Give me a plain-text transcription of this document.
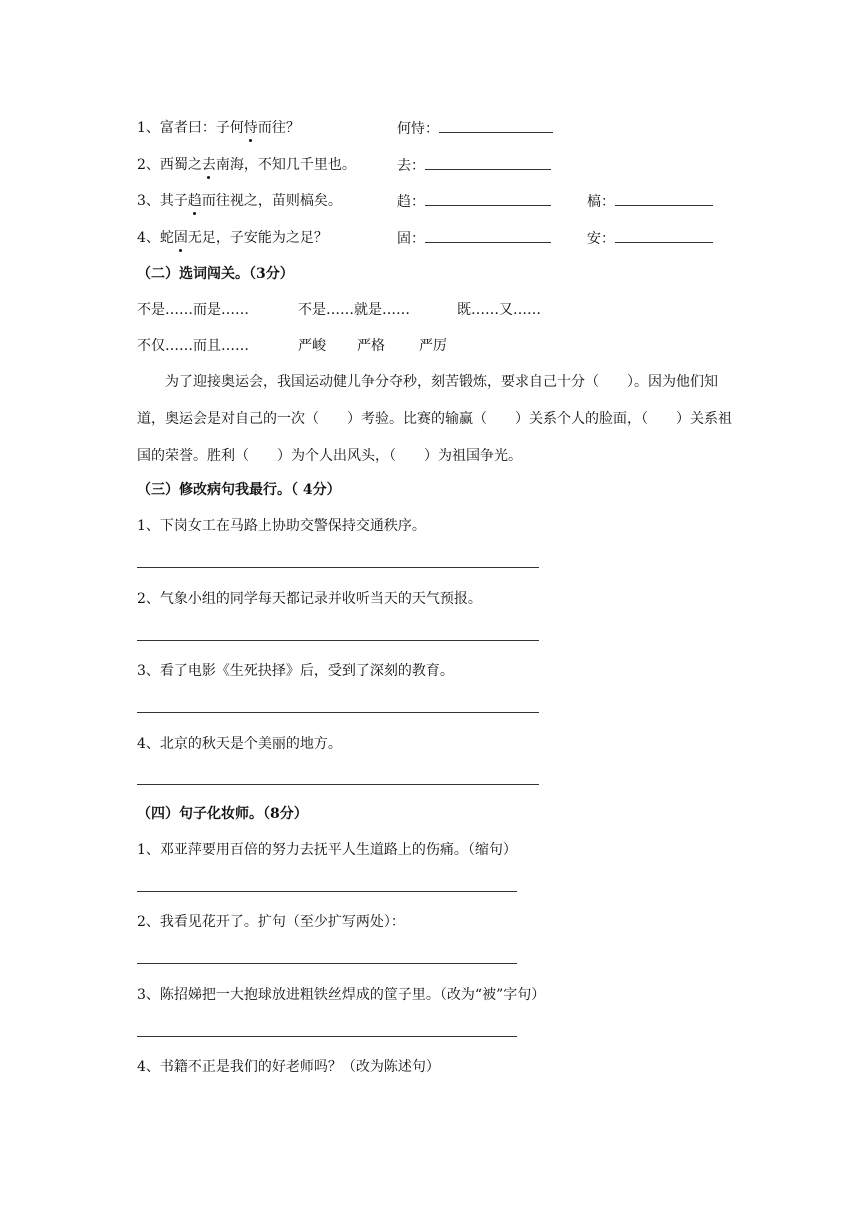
1、富者曰：子何恃而往？	何恃：
2、西蜀之去南海，不知几千里也。	去：
3、其子趋而往视之，苗则槁矣。	趋：	槁：
4、蛇固无足，子安能为之足？	固：	安：
（二）选词闯关。（3分）
不是……而是……	不是……就是……	既……又……
不仅……而且……	严峻 严格 严厉
为了迎接奥运会，我国运动健儿争分夺秒，刻苦锻炼，要求自己十分（　　）。因为他们知道，奥运会是对自己的一次（　　）考验。比赛的输赢（　　）关系个人的脸面，（　　）关系祖国的荣誉。胜利（　　）为个人出风头，（　　）为祖国争光。
（三）修改病句我最行。（ 4分）
1、下岗女工在马路上协助交警保持交通秩序。
2、气象小组的同学每天都记录并收听当天的天气预报。
3、看了电影《生死抉择》后，受到了深刻的教育。
4、北京的秋天是个美丽的地方。
（四）句子化妆师。（8分）
1、邓亚萍要用百倍的努力去抚平人生道路上的伤痛。（缩句）
2、我看见花开了。扩句（至少扩写两处）：
3、陈招娣把一大抱球放进粗铁丝焊成的筐子里。（改为“被”字句）
4、书籍不正是我们的好老师吗？（改为陈述句）
